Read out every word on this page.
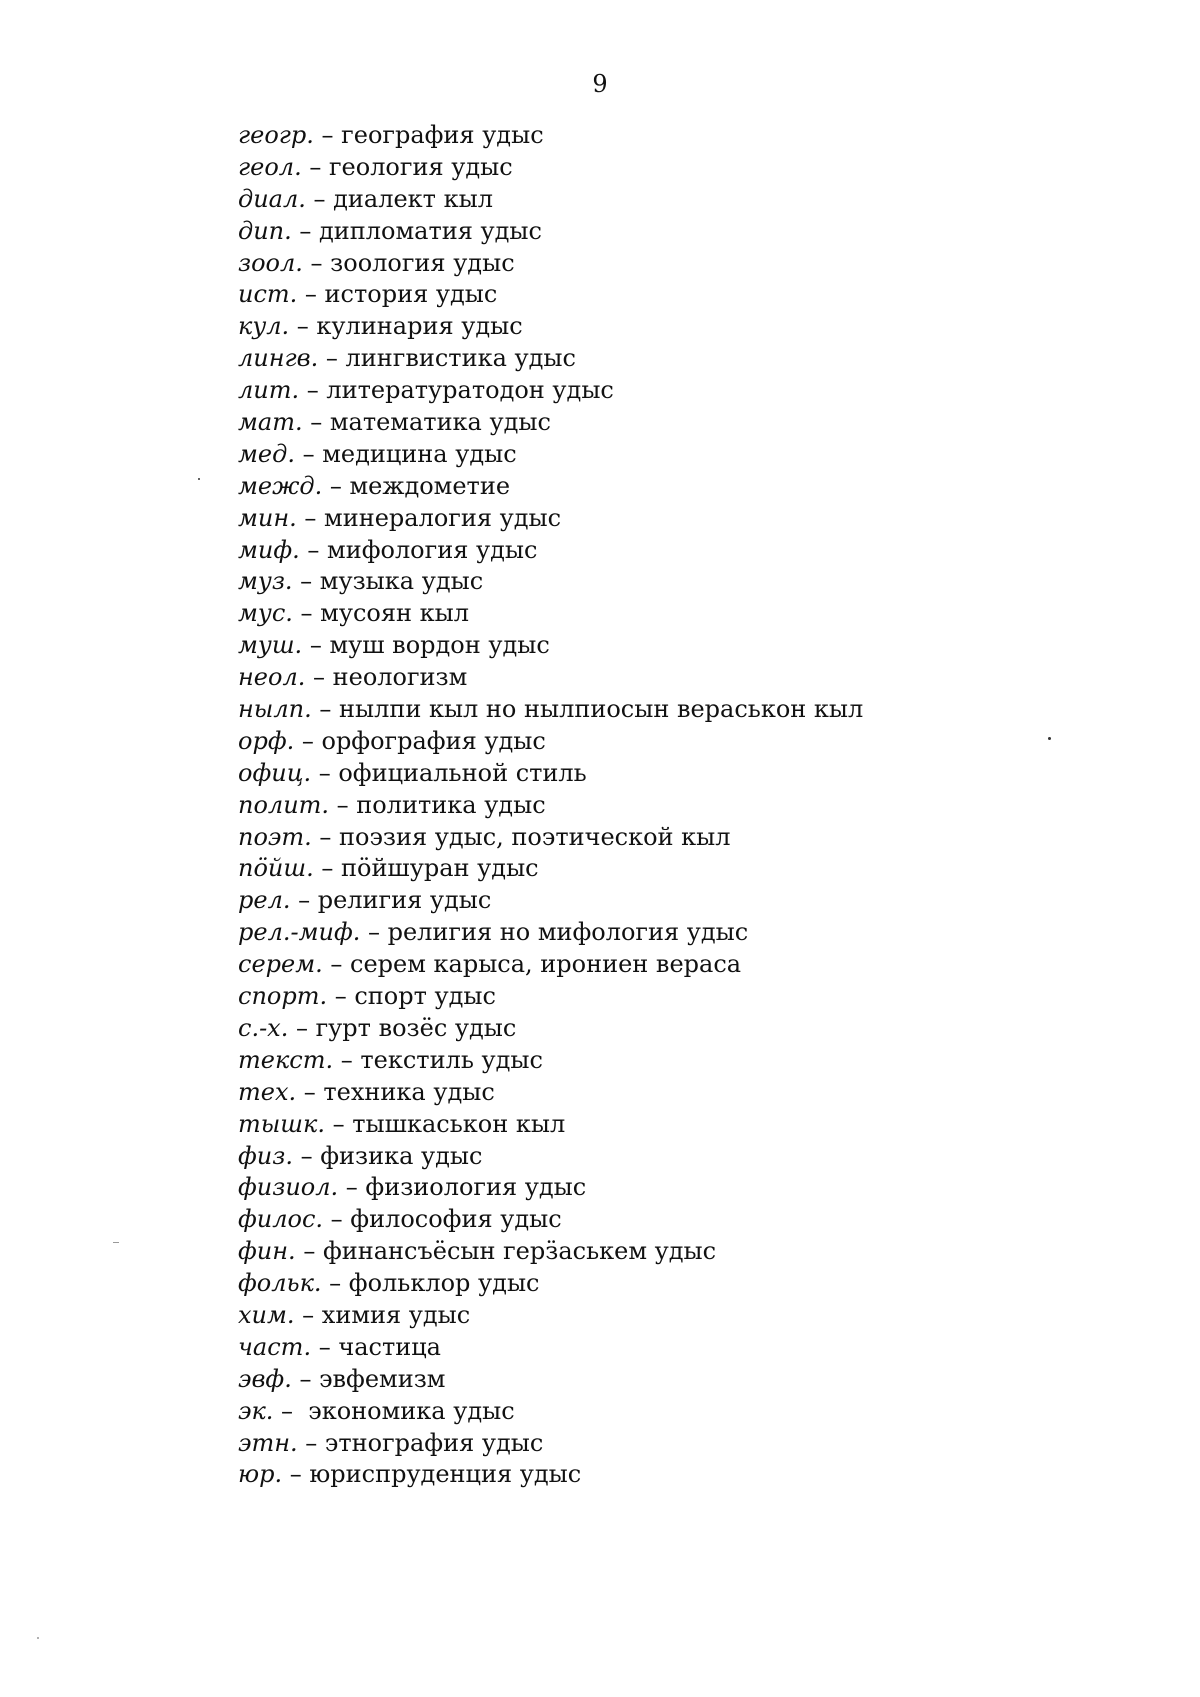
9
геогр. – география удыс
геол. – геология удыс
диал. – диалект кыл
дип. – дипломатия удыс
зоол. – зоология удыс
ист. – история удыс
кул. – кулинария удыс
лингв. – лингвистика удыс
лит. – литературатодон удыс
мат. – математика удыс
мед. – медицина удыс
межд. – междометие
мин. – минералогия удыс
миф. – мифология удыс
муз. – музыка удыс
мус. – мусоян кыл
муш. – муш вордон удыс
неол. – неологизм
нылп. – нылпи кыл но нылпиосын вераськон кыл
орф. – орфография удыс
офиц. – официальной стиль
полит. – политика удыс
поэт. – поэзия удыс, поэтической кыл
пӧйш. – пӧйшуран удыс
рел. – религия удыс
рел.-миф. – религия но мифология удыс
серем. – серем карыса, ирониен вераса
спорт. – спорт удыс
с.-х. – гурт возёс удыс
текст. – текстиль удыс
тех. – техника удыс
тышк. – тышкаськон кыл
физ. – физика удыс
физиол. – физиология удыс
филос. – философия удыс
фин. – финансъёсын герӟаськем удыс
фольк. – фольклор удыс
хим. – химия удыс
част. – частица
эвф. – эвфемизм
эк. –  экономика удыс
этн. – этнография удыс
юр. – юриспруденция удыс
